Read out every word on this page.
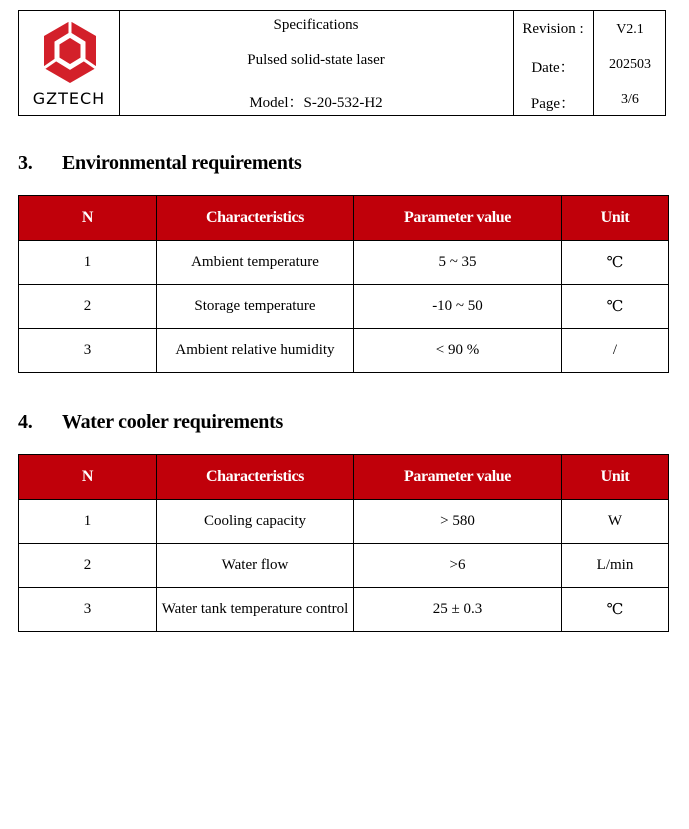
GZTECH
Specifications
Pulsed solid-state laser
Model：S-20-532-H2
Revision :
Date：
Page：
V2.1
202503
3/6
3. Environmental requirements
N	Characteristics	Parameter value	Unit
1	Ambient temperature	5 ~ 35	℃
2	Storage temperature	-10 ~ 50	℃
3	Ambient relative humidity	< 90 %	/
4. Water cooler requirements
N	Characteristics	Parameter value	Unit
1	Cooling capacity	> 580	W
2	Water flow	>6	L/min
3	Water tank temperature control	25 ± 0.3	℃
